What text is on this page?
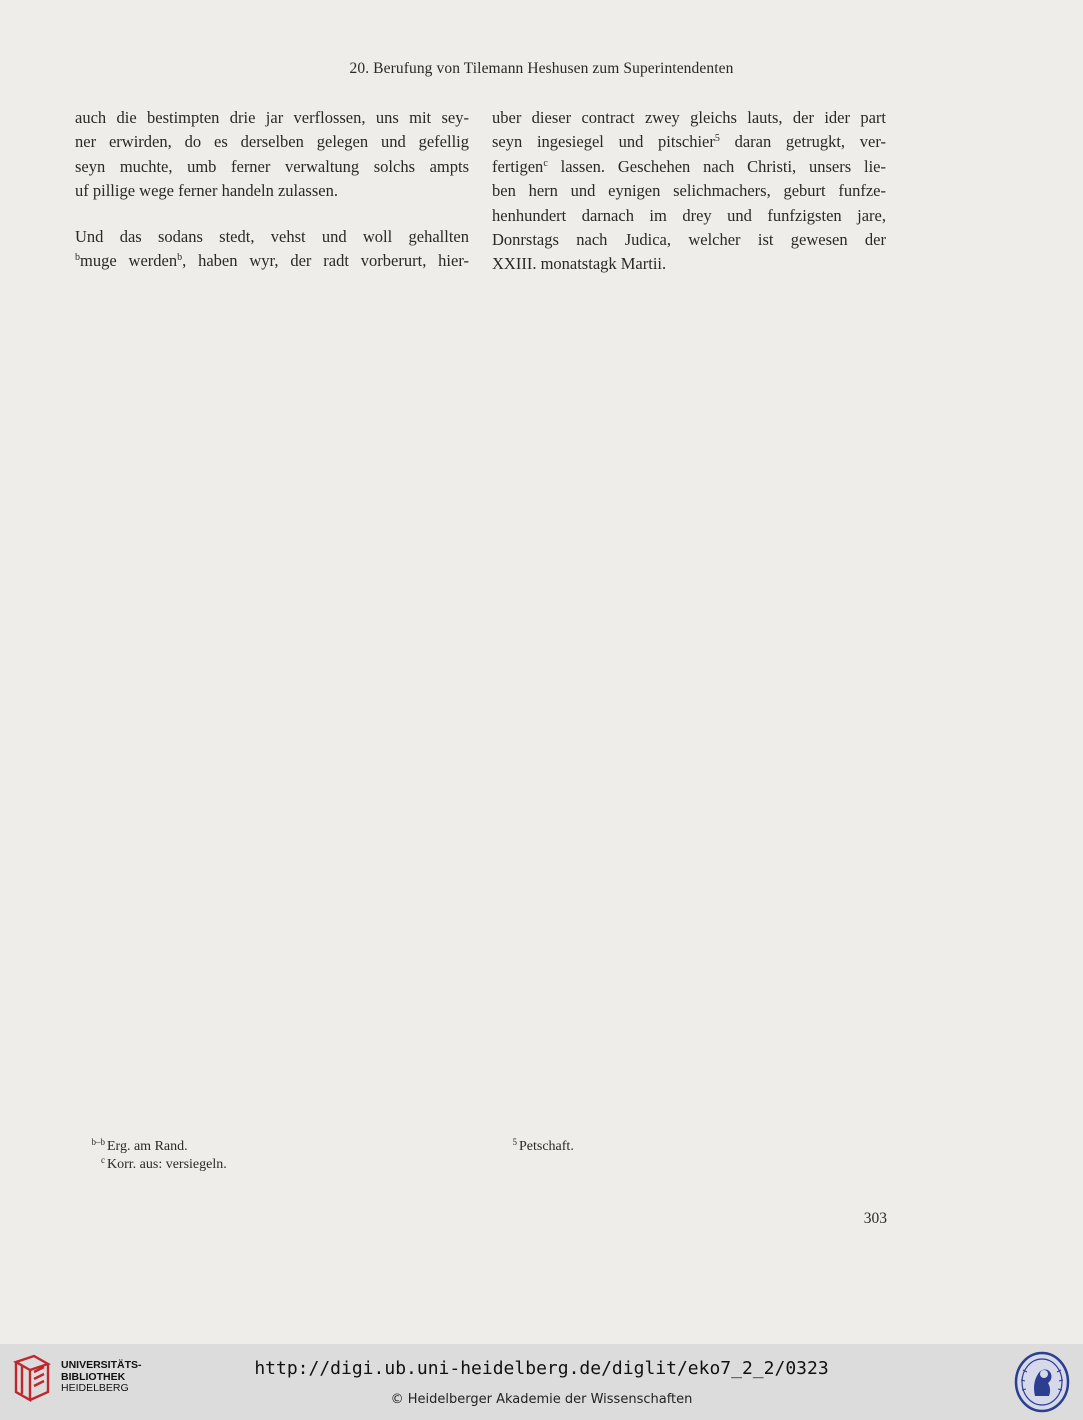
20. Berufung von Tilemann Heshusen zum Superintendenten
auch die bestimpten drie jar verflossen, uns mit sey-
ner erwirden, do es derselben gelegen und gefellig
seyn muchte, umb ferner verwaltung solchs ampts
uf pillige wege ferner handeln zulassen.
Und das sodans stedt, vehst und woll gehallten
$^b$muge werden$^b$, haben wyr, der radt vorberurt, hier-
uber dieser contract zwey gleichs lauts, der ider part
seyn ingesiegel und pitschier$^5$ daran getrugkt, ver-
fertigen$^c$ lassen. Geschehen nach Christi, unsers lie-
ben hern und eynigen selichmachers, geburt funfze-
henhundert darnach im drey und funfzigsten jare,
Donrstags nach Judica, welcher ist gewesen der
XXIII. monatstagk Martii.
$^{b-b}$ Erg. am Rand.
$^c$ Korr. aus: versiegeln.
$^5$ Petschaft.
303
UNIVERSITÄTS-
BIBLIOTHEK
HEIDELBERG
http://digi.ub.uni-heidelberg.de/diglit/eko7_2_2/0323
© Heidelberger Akademie der Wissenschaften
